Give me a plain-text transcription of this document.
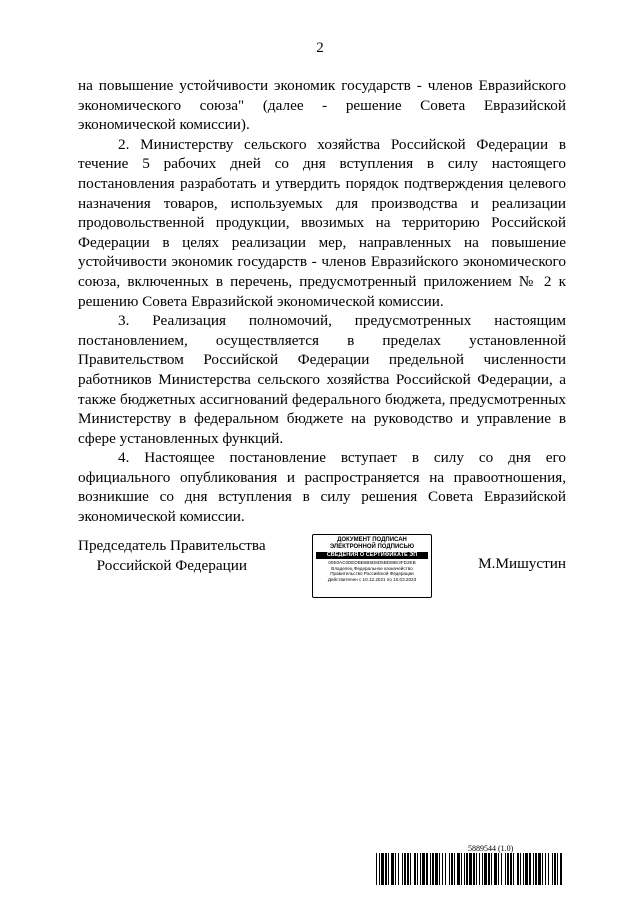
2

на повышение устойчивости экономик государств - членов Евразийского экономического союза" (далее - решение Совета Евразийской экономической комиссии).

2. Министерству сельского хозяйства Российской Федерации в течение 5 рабочих дней со дня вступления в силу настоящего постановления разработать и утвердить порядок подтверждения целевого назначения товаров, используемых для производства и реализации продовольственной продукции, ввозимых на территорию Российской Федерации в целях реализации мер, направленных на повышение устойчивости экономик государств - членов Евразийского экономического союза, включенных в перечень, предусмотренный приложением № 2 к решению Совета Евразийской экономической комиссии.

3. Реализация полномочий, предусмотренных настоящим постановлением, осуществляется в пределах установленной Правительством Российской Федерации предельной численности работников Министерства сельского хозяйства Российской Федерации, а также бюджетных ассигнований федерального бюджета, предусмотренных Министерству в федеральном бюджете на руководство и управление в сфере установленных функций.

4. Настоящее постановление вступает в силу со дня его официального опубликования и распространяется на правоотношения, возникшие со дня вступления в силу решения Совета Евразийской экономической комиссии.

Председатель Правительства
Российской Федерации
ДОКУМЕНТ ПОДПИСАН
ЭЛЕКТРОННОЙ ПОДПИСЬЮ
СВЕДЕНИЯ О СЕРТИФИКАТЕ ЭП
00E0AC0DEDBB6B5D8D5BD86E3FD2EB
Владелец Федеральное казначейство
Правительство Российской Федерации
Действителен с 10.12.2021 по 10.03.2023
М.Мишустин
5889544 (1.0)
